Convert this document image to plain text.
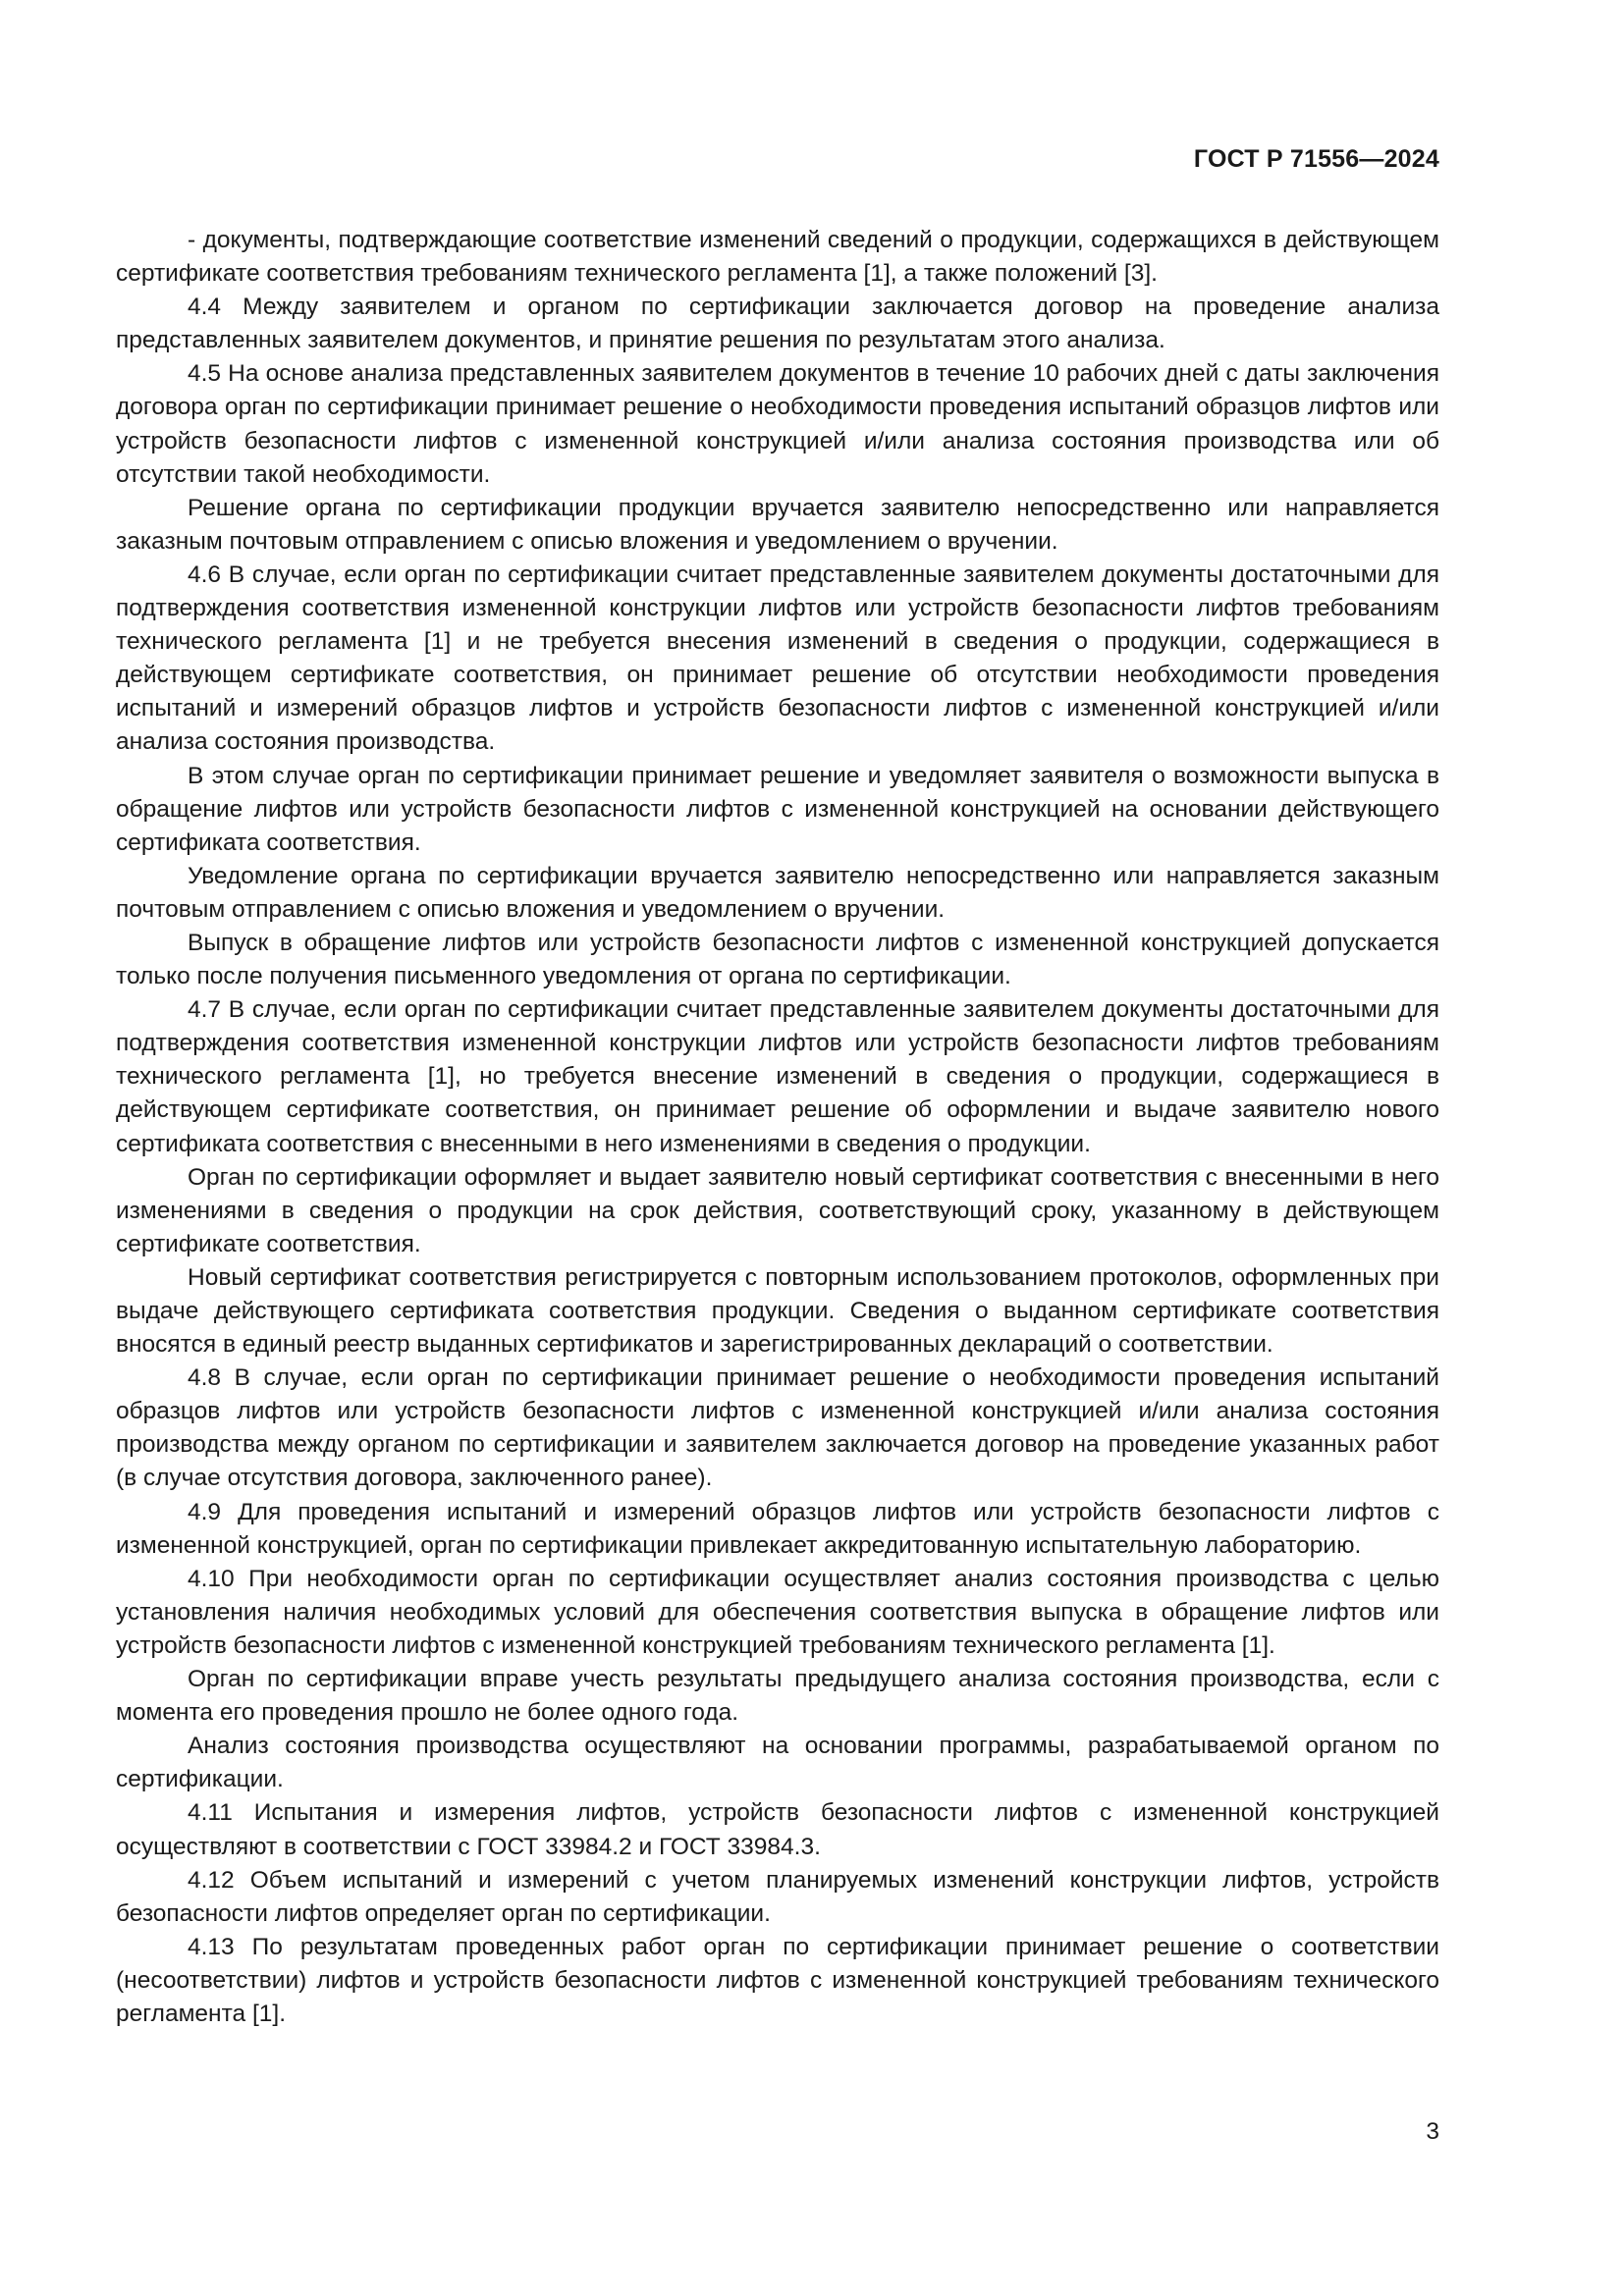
ГОСТ Р 71556—2024

- документы, подтверждающие соответствие изменений сведений о продукции, содержащихся в действующем сертификате соответствия требованиям технического регламента [1], а также положений [3].

4.4 Между заявителем и органом по сертификации заключается договор на проведение анализа представленных заявителем документов, и принятие решения по результатам этого анализа.

4.5 На основе анализа представленных заявителем документов в течение 10 рабочих дней с даты заключения договора орган по сертификации принимает решение о необходимости проведения испытаний образцов лифтов или устройств безопасности лифтов с измененной конструкцией и/или анализа состояния производства или об отсутствии такой необходимости.

Решение органа по сертификации продукции вручается заявителю непосредственно или направляется заказным почтовым отправлением с описью вложения и уведомлением о вручении.

4.6 В случае, если орган по сертификации считает представленные заявителем документы достаточными для подтверждения соответствия измененной конструкции лифтов или устройств безопасности лифтов требованиям технического регламента [1] и не требуется внесения изменений в сведения о продукции, содержащиеся в действующем сертификате соответствия, он принимает решение об отсутствии необходимости проведения испытаний и измерений образцов лифтов и устройств безопасности лифтов с измененной конструкцией и/или анализа состояния производства.

В этом случае орган по сертификации принимает решение и уведомляет заявителя о возможности выпуска в обращение лифтов или устройств безопасности лифтов с измененной конструкцией на основании действующего сертификата соответствия.

Уведомление органа по сертификации вручается заявителю непосредственно или направляется заказным почтовым отправлением с описью вложения и уведомлением о вручении.

Выпуск в обращение лифтов или устройств безопасности лифтов с измененной конструкцией допускается только после получения письменного уведомления от органа по сертификации.

4.7 В случае, если орган по сертификации считает представленные заявителем документы достаточными для подтверждения соответствия измененной конструкции лифтов или устройств безопасности лифтов требованиям технического регламента [1], но требуется внесение изменений в сведения о продукции, содержащиеся в действующем сертификате соответствия, он принимает решение об оформлении и выдаче заявителю нового сертификата соответствия с внесенными в него изменениями в сведения о продукции.

Орган по сертификации оформляет и выдает заявителю новый сертификат соответствия с внесенными в него изменениями в сведения о продукции на срок действия, соответствующий сроку, указанному в действующем сертификате соответствия.

Новый сертификат соответствия регистрируется с повторным использованием протоколов, оформленных при выдаче действующего сертификата соответствия продукции. Сведения о выданном сертификате соответствия вносятся в единый реестр выданных сертификатов и зарегистрированных деклараций о соответствии.

4.8 В случае, если орган по сертификации принимает решение о необходимости проведения испытаний образцов лифтов или устройств безопасности лифтов с измененной конструкцией и/или анализа состояния производства между органом по сертификации и заявителем заключается договор на проведение указанных работ (в случае отсутствия договора, заключенного ранее).

4.9 Для проведения испытаний и измерений образцов лифтов или устройств безопасности лифтов с измененной конструкцией, орган по сертификации привлекает аккредитованную испытательную лабораторию.

4.10 При необходимости орган по сертификации осуществляет анализ состояния производства с целью установления наличия необходимых условий для обеспечения соответствия выпуска в обращение лифтов или устройств безопасности лифтов с измененной конструкцией требованиям технического регламента [1].

Орган по сертификации вправе учесть результаты предыдущего анализа состояния производства, если с момента его проведения прошло не более одного года.

Анализ состояния производства осуществляют на основании программы, разрабатываемой органом по сертификации.

4.11 Испытания и измерения лифтов, устройств безопасности лифтов с измененной конструкцией осуществляют в соответствии с ГОСТ 33984.2 и ГОСТ 33984.3.

4.12 Объем испытаний и измерений с учетом планируемых изменений конструкции лифтов, устройств безопасности лифтов определяет орган по сертификации.

4.13 По результатам проведенных работ орган по сертификации принимает решение о соответствии (несоответствии) лифтов и устройств безопасности лифтов с измененной конструкцией требованиям технического регламента [1].

3
